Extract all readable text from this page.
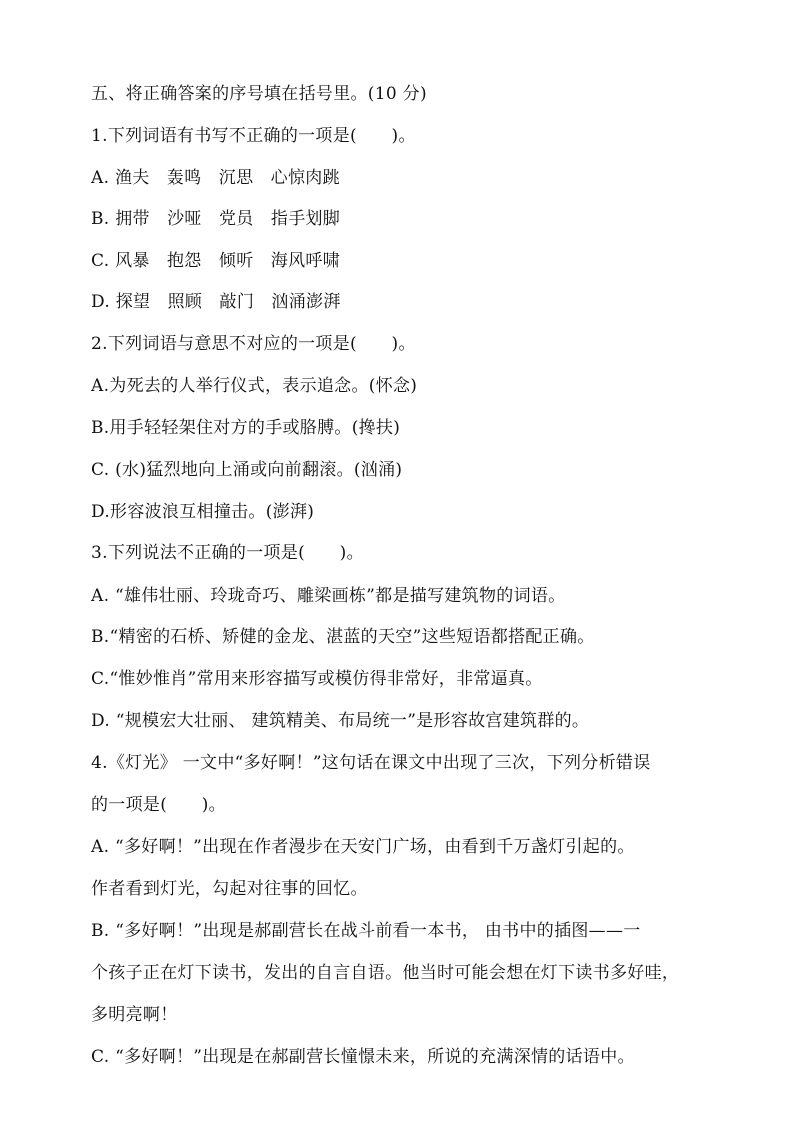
五、将正确答案的序号填在括号里。(10 分)
1.下列词语有书写不正确的一项是(　　)。
A. 渔夫　轰鸣　沉思　心惊肉跳
B. 拥带　沙哑　党员　指手划脚
C. 风暴　抱怨　倾听　海风呼啸
D. 探望　照顾　敲门　汹涌澎湃
2.下列词语与意思不对应的一项是(　　)。
A.为死去的人举行仪式，表示追念。(怀念)
B.用手轻轻架住对方的手或胳膊。(搀扶)
C. (水)猛烈地向上涌或向前翻滚。(汹涌)
D.形容波浪互相撞击。(澎湃)
3.下列说法不正确的一项是(　　)。
A. “雄伟壮丽、玲珑奇巧、雕梁画栋”都是描写建筑物的词语。
B.“精密的石桥、矫健的金龙、湛蓝的天空”这些短语都搭配正确。
C.“惟妙惟肖”常用来形容描写或模仿得非常好，非常逼真。
D. “规模宏大壮丽、 建筑精美、布局统一”是形容故宫建筑群的。
4.《灯光》 一文中“多好啊！”这句话在课文中出现了三次，下列分析错误
的一项是(　　)。
A. “多好啊！”出现在作者漫步在天安门广场，由看到千万盏灯引起的。
作者看到灯光，勾起对往事的回忆。
B. “多好啊！”出现是郝副营长在战斗前看一本书， 由书中的插图——一
个孩子正在灯下读书，发出的自言自语。他当时可能会想在灯下读书多好哇，
多明亮啊！
C. “多好啊！”出现是在郝副营长憧憬未来，所说的充满深情的话语中。
